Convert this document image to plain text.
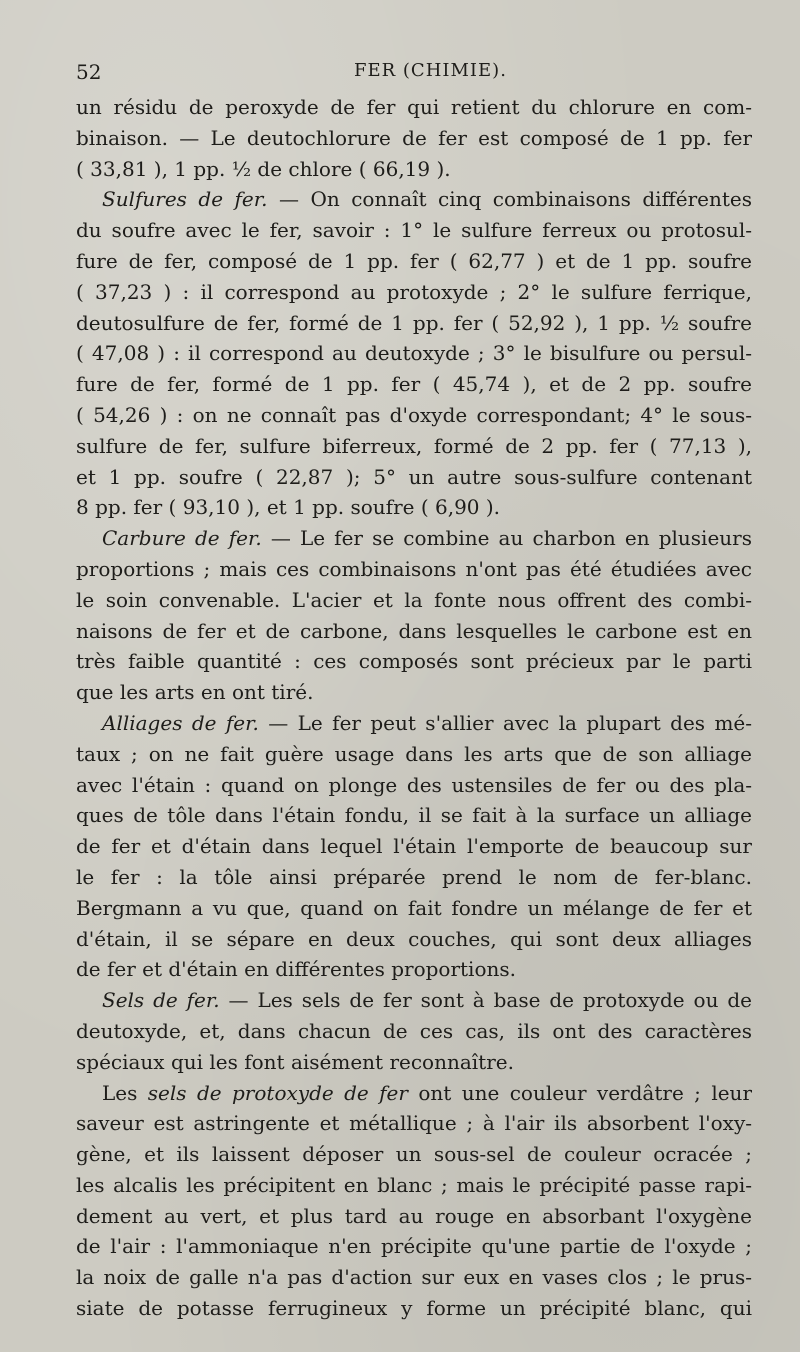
52	FER (CHIMIE).
un résidu de peroxyde de fer qui retient du chlorure en com-
binaison. — Le deutochlorure de fer est composé de 1 pp. fer
( 33,81 ), 1 pp. ½ de chlore ( 66,19 ).
Sulfures de fer. — On connaît cinq combinaisons différentes
du soufre avec le fer, savoir : 1° le sulfure ferreux ou protosul-
fure de fer, composé de 1 pp. fer ( 62,77 ) et de 1 pp. soufre
( 37,23 ) : il correspond au protoxyde ; 2° le sulfure ferrique,
deutosulfure de fer, formé de 1 pp. fer ( 52,92 ), 1 pp. ½ soufre
( 47,08 ) : il correspond au deutoxyde ; 3° le bisulfure ou persul-
fure de fer, formé de 1 pp. fer ( 45,74 ), et de 2 pp. soufre
( 54,26 ) : on ne connaît pas d'oxyde correspondant; 4° le sous-
sulfure de fer, sulfure biferreux, formé de 2 pp. fer ( 77,13 ),
et 1 pp. soufre ( 22,87 ); 5° un autre sous-sulfure contenant
8 pp. fer ( 93,10 ), et 1 pp. soufre ( 6,90 ).
Carbure de fer. — Le fer se combine au charbon en plusieurs
proportions ; mais ces combinaisons n'ont pas été étudiées avec
le soin convenable. L'acier et la fonte nous offrent des combi-
naisons de fer et de carbone, dans lesquelles le carbone est en
très faible quantité : ces composés sont précieux par le parti
que les arts en ont tiré.
Alliages de fer. — Le fer peut s'allier avec la plupart des mé-
taux ; on ne fait guère usage dans les arts que de son alliage
avec l'étain : quand on plonge des ustensiles de fer ou des pla-
ques de tôle dans l'étain fondu, il se fait à la surface un alliage
de fer et d'étain dans lequel l'étain l'emporte de beaucoup sur
le fer : la tôle ainsi préparée prend le nom de fer-blanc.
Bergmann a vu que, quand on fait fondre un mélange de fer et
d'étain, il se sépare en deux couches, qui sont deux alliages
de fer et d'étain en différentes proportions.
Sels de fer. — Les sels de fer sont à base de protoxyde ou de
deutoxyde, et, dans chacun de ces cas, ils ont des caractères
spéciaux qui les font aisément reconnaître.
Les sels de protoxyde de fer ont une couleur verdâtre ; leur
saveur est astringente et métallique ; à l'air ils absorbent l'oxy-
gène, et ils laissent déposer un sous-sel de couleur ocracée ;
les alcalis les précipitent en blanc ; mais le précipité passe rapi-
dement au vert, et plus tard au rouge en absorbant l'oxygène
de l'air : l'ammoniaque n'en précipite qu'une partie de l'oxyde ;
la noix de galle n'a pas d'action sur eux en vases clos ; le prus-
siate de potasse ferrugineux y forme un précipité blanc, qui
